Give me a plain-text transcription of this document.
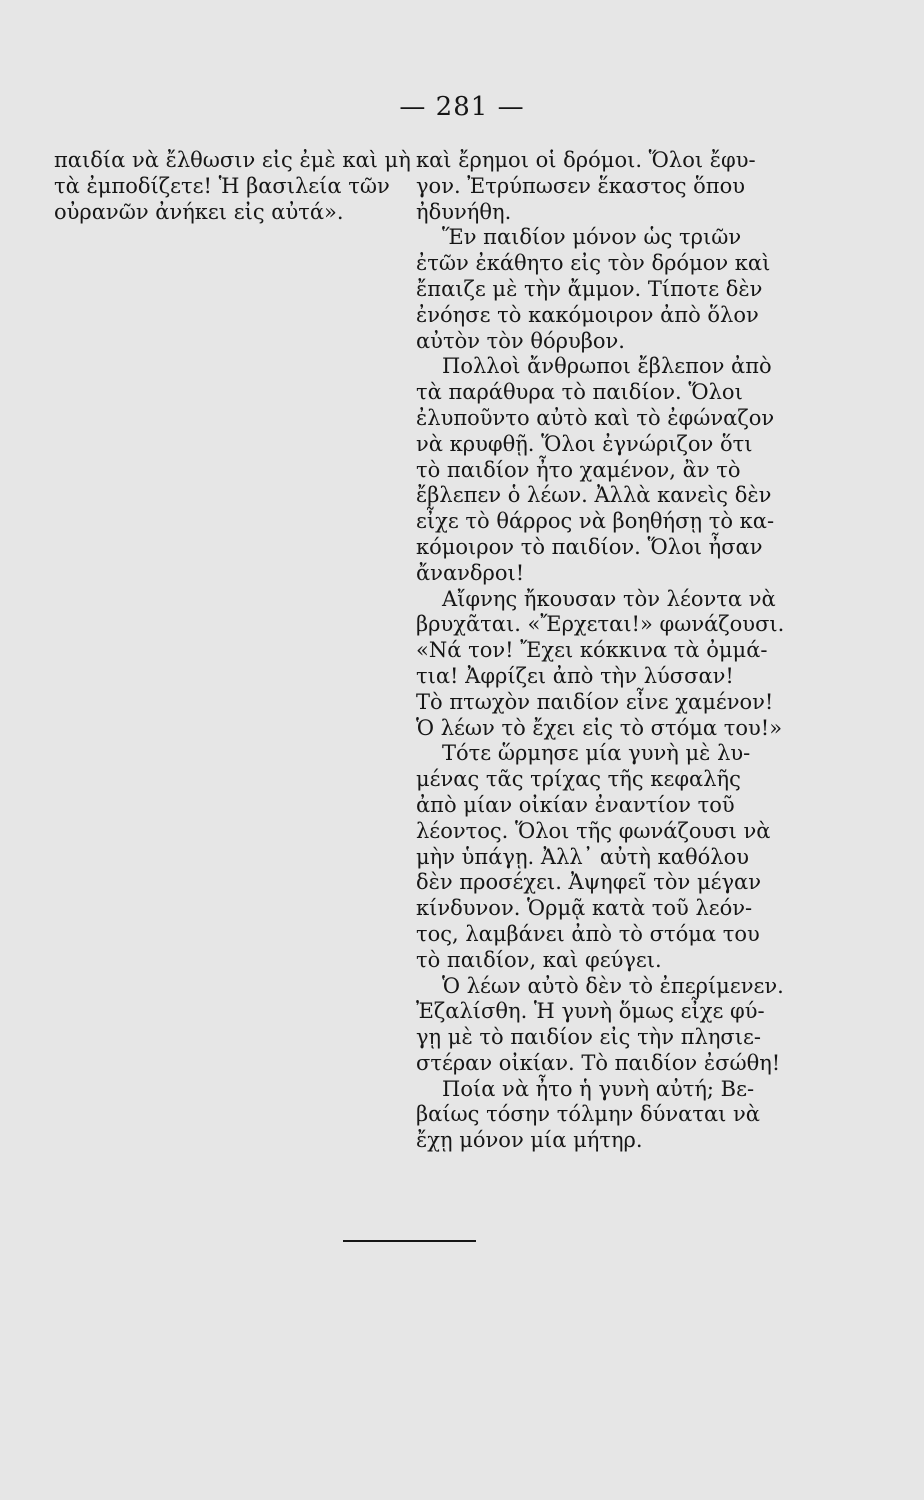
— 281 —
παιδία νὰ ἔλθωσιν εἰς ἐμὲ καὶ μὴ
τὰ ἐμποδίζετε! Ἡ βασιλεία τῶν
οὐρανῶν ἀνήκει εἰς αὐτά».
καὶ ἔρημοι οἱ δρόμοι. Ὅλοι ἔφυ-
γον. Ἐτρύπωσεν ἕκαστος ὅπου
ἠδυνήθη.
Ἕν παιδίον μόνον ὡς τριῶν
ἐτῶν ἐκάθητο εἰς τὸν δρόμον καὶ
ἔπαιζε μὲ τὴν ἄμμον. Τίποτε δὲν
ἐνόησε τὸ κακόμοιρον ἀπὸ ὅλον
αὐτὸν τὸν θόρυβον.
Πολλοὶ ἄνθρωποι ἔβλεπον ἀπὸ
τὰ παράθυρα τὸ παιδίον. Ὅλοι
ἐλυποῦντο αὐτὸ καὶ τὸ ἐφώναζον
νὰ κρυφθῇ. Ὅλοι ἐγνώριζον ὅτι
τὸ παιδίον ἦτο χαμένον, ἂν τὸ
ἔβλεπεν ὁ λέων. Ἀλλὰ κανεὶς δὲν
εἶχε τὸ θάρρος νὰ βοηθήσῃ τὸ κα-
κόμοιρον τὸ παιδίον. Ὅλοι ἦσαν
ἄνανδροι!
Αἴφνης ἤκουσαν τὸν λέοντα νὰ
βρυχᾶται. «Ἔρχεται!» φωνάζουσι.
«Νά τον! Ἔχει κόκκινα τὰ ὀμμά-
τια! Ἀφρίζει ἀπὸ τὴν λύσσαν!
Τὸ πτωχὸν παιδίον εἶνε χαμένον!
Ὁ λέων τὸ ἔχει εἰς τὸ στόμα του!»
Τότε ὥρμησε μία γυνὴ μὲ λυ-
μένας τᾶς τρίχας τῆς κεφαλῆς
ἀπὸ μίαν οἰκίαν ἐναντίον τοῦ
λέοντος. Ὅλοι τῆς φωνάζουσι νὰ
μὴν ὑπάγῃ. Ἀλλ᾽ αὐτὴ καθόλου
δὲν προσέχει. Ἀψηφεῖ τὸν μέγαν
κίνδυνον. Ὁρμᾷ κατὰ τοῦ λεόν-
τος, λαμβάνει ἀπὸ τὸ στόμα του
τὸ παιδίον, καὶ φεύγει.
Ὁ λέων αὐτὸ δὲν τὸ ἐπερίμενεν.
Ἐζαλίσθη. Ἡ γυνὴ ὅμως εἶχε φύ-
γῃ μὲ τὸ παιδίον εἰς τὴν πλησιε-
στέραν οἰκίαν. Τὸ παιδίον ἐσώθη!
Ποία νὰ ἦτο ἡ γυνὴ αὐτή; Βε-
βαίως τόσην τόλμην δύναται νὰ
ἔχῃ μόνον μία μήτηρ.
